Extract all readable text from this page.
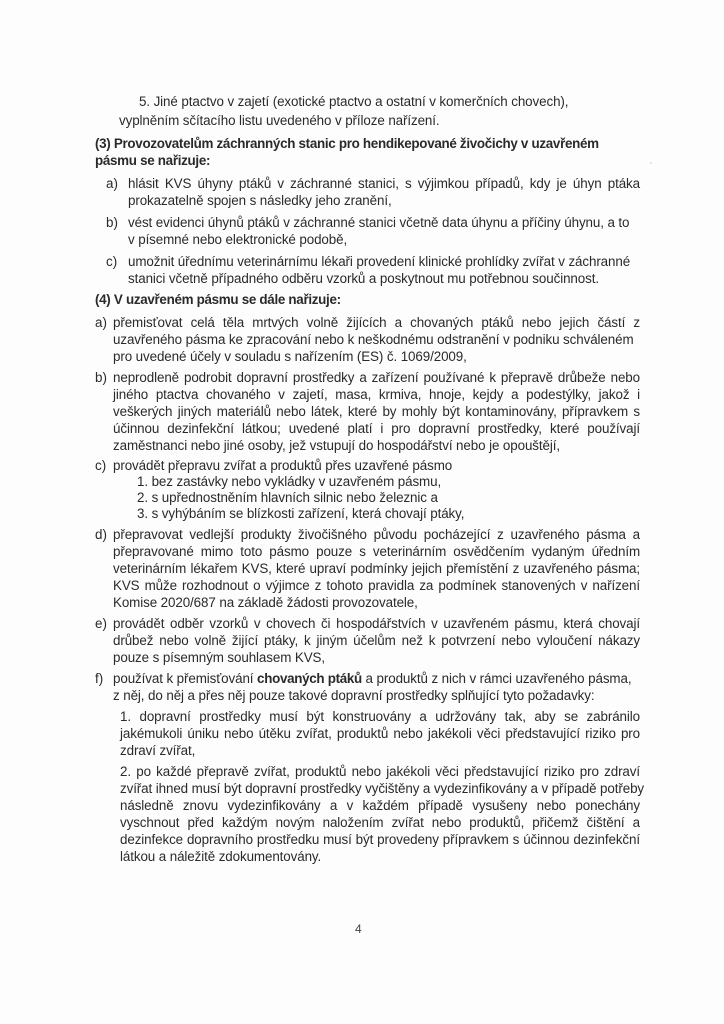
5. Jiné ptactvo v zajetí (exotické ptactvo a ostatní v komerčních chovech),
vyplněním sčítacího listu uvedeného v příloze nařízení.
(3) Provozovatelům záchranných stanic pro hendikepované živočichy v uzavřeném
pásmu se nařizuje:
a) hlásit KVS úhyny ptáků v záchranné stanici, s výjimkou případů, kdy je úhyn ptáka
prokazatelně spojen s následky jeho zranění,
b) vést evidenci úhynů ptáků v záchranné stanici včetně data úhynu a příčiny úhynu, a to
v písemné nebo elektronické podobě,
c) umožnit úřednímu veterinárnímu lékaři provedení klinické prohlídky zvířat v záchranné
stanici včetně případného odběru vzorků a poskytnout mu potřebnou součinnost.
(4) V uzavřeném pásmu se dále nařizuje:
a) přemisťovat celá těla mrtvých volně žijících a chovaných ptáků nebo jejich částí z
uzavřeného pásma ke zpracování nebo k neškodnému odstranění v podniku schváleném
pro uvedené účely v souladu s nařízením (ES) č. 1069/2009,
b) neprodleně podrobit dopravní prostředky a zařízení používané k přepravě drůbeže nebo
jiného ptactva chovaného v zajetí, masa, krmiva, hnoje, kejdy a podestýlky, jakož i
veškerých jiných materiálů nebo látek, které by mohly být kontaminovány, přípravkem s
účinnou dezinfekční látkou; uvedené platí i pro dopravní prostředky, které používají
zaměstnanci nebo jiné osoby, jež vstupují do hospodářství nebo je opouštějí,
c) provádět přepravu zvířat a produktů přes uzavřené pásmo
1. bez zastávky nebo vykládky v uzavřeném pásmu,
2. s upřednostněním hlavních silnic nebo železnic a
3. s vyhýbáním se blízkosti zařízení, která chovají ptáky,
d) přepravovat vedlejší produkty živočišného původu pocházející z uzavřeného pásma a
přepravované mimo toto pásmo pouze s veterinárním osvědčením vydaným úředním
veterinárním lékařem KVS, které upraví podmínky jejich přemístění z uzavřeného pásma;
KVS může rozhodnout o výjimce z tohoto pravidla za podmínek stanovených v nařízení
Komise 2020/687 na základě žádosti provozovatele,
e) provádět odběr vzorků v chovech či hospodářstvích v uzavřeném pásmu, která chovají
drůbež nebo volně žijící ptáky, k jiným účelům než k potvrzení nebo vyloučení nákazy
pouze s písemným souhlasem KVS,
f) používat k přemisťování chovaných ptáků a produktů z nich v rámci uzavřeného pásma,
z něj, do něj a přes něj pouze takové dopravní prostředky splňující tyto požadavky:
1. dopravní prostředky musí být konstruovány a udržovány tak, aby se zabránilo
jakémukoli úniku nebo útěku zvířat, produktů nebo jakékoli věci představující riziko pro
zdraví zvířat,
2. po každé přepravě zvířat, produktů nebo jakékoli věci představující riziko pro zdraví
zvířat ihned musí být dopravní prostředky vyčištěny a vydezinfikovány a v případě potřeby
následně znovu vydezinfikovány a v každém případě vysušeny nebo ponechány
vyschnout před každým novým naložením zvířat nebo produktů, přičemž čištění a
dezinfekce dopravního prostředku musí být provedeny přípravkem s účinnou dezinfekční
látkou a náležitě zdokumentovány.
4
